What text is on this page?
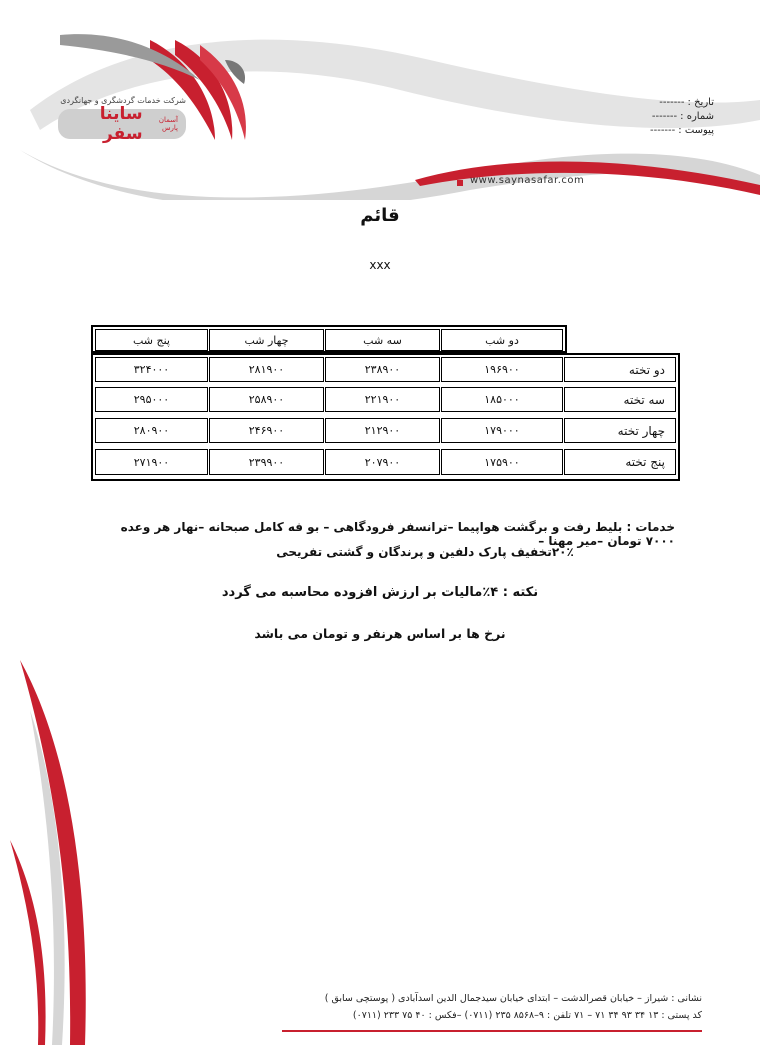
شرکت خدمات گردشگری و جهانگردی
آسمان پارس
ساینا سفر
تاریخ :-------
شماره :-------
پیوست :-------
www.saynasafar.com
قائم
xxx
پنج شب	چهار شب	سه شب	دو شب
۳۲۴۰۰۰	۲۸۱۹۰۰	۲۳۸۹۰۰	۱۹۶۹۰۰	دو تخته
۲۹۵۰۰۰	۲۵۸۹۰۰	۲۲۱۹۰۰	۱۸۵۰۰۰	سه تخته
۲۸۰۹۰۰	۲۴۶۹۰۰	۲۱۲۹۰۰	۱۷۹۰۰۰	چهار تخته
۲۷۱۹۰۰	۲۳۹۹۰۰	۲۰۷۹۰۰	۱۷۵۹۰۰	پنج تخته
خدمات : بلیط رفت و برگشت هواپیما –ترانسفر فرودگاهی – بو فه کامل صبحانه –نهار هر وعده ۷۰۰۰ تومان –میر مهنا –
۲۰٪تخفیف پارک دلفین و پرندگان و گشتی تفریحی
نکته : ۴٪مالیات بر ارزش افزوده محاسبه می گردد
نرخ ها بر اساس هرنفر و تومان می باشد
نشانی : شیراز – خیابان قصرالدشت – ابتدای خیابان سیدجمال الدین اسدآبادی ( پوستچی سابق )
کد پستی : ۱۳ ۳۴ ۹۳ ۳۴ ۷۱ – ۷۱ تلفن : ۹–۸۵۶۸ ۲۳۵ (۰۷۱۱) –فکس : ۴۰ ۷۵ ۲۳۳ (۰۷۱۱)
